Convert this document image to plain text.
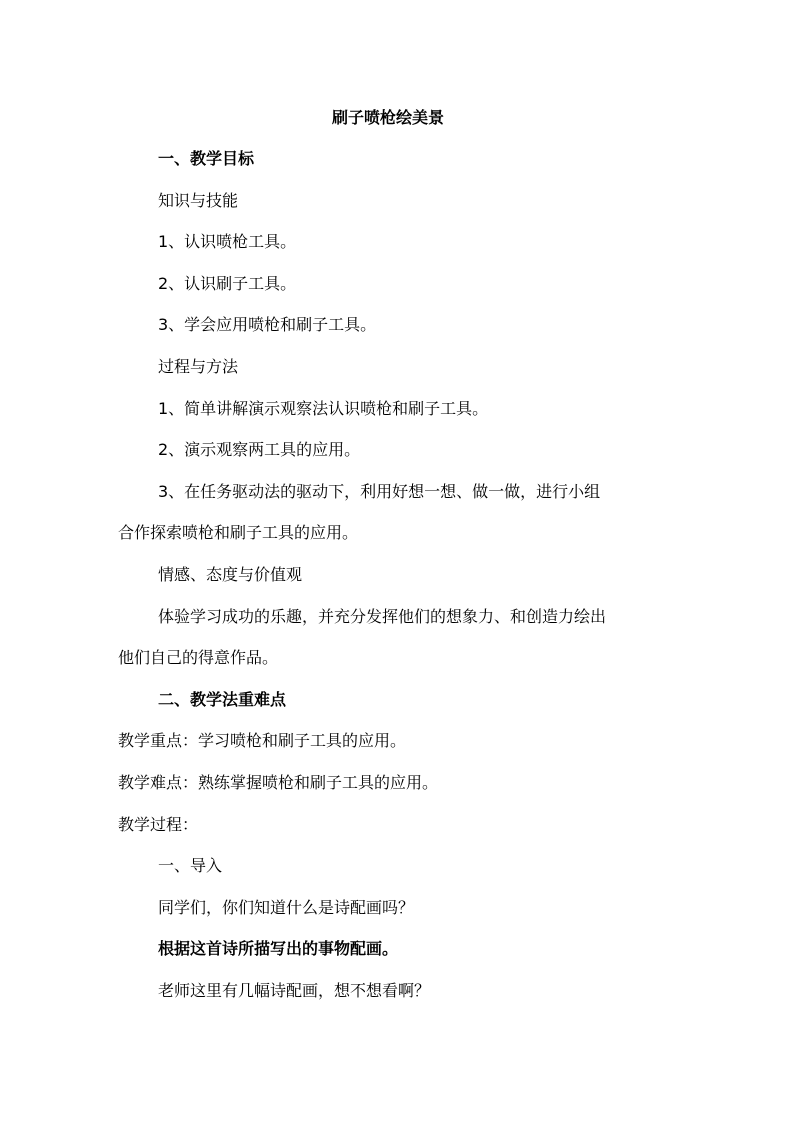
刷子喷枪绘美景
一、教学目标
知识与技能
1、认识喷枪工具。
2、认识刷子工具。
3、学会应用喷枪和刷子工具。
过程与方法
1、简单讲解演示观察法认识喷枪和刷子工具。
2、演示观察两工具的应用。
3、在任务驱动法的驱动下，利用好想一想、做一做，进行小组
合作探索喷枪和刷子工具的应用。
情感、态度与价值观
体验学习成功的乐趣，并充分发挥他们的想象力、和创造力绘出
他们自己的得意作品。
二、教学法重难点
教学重点：学习喷枪和刷子工具的应用。
教学难点：熟练掌握喷枪和刷子工具的应用。
教学过程：
一、导入
同学们，你们知道什么是诗配画吗？
根据这首诗所描写出的事物配画。
老师这里有几幅诗配画，想不想看啊？
